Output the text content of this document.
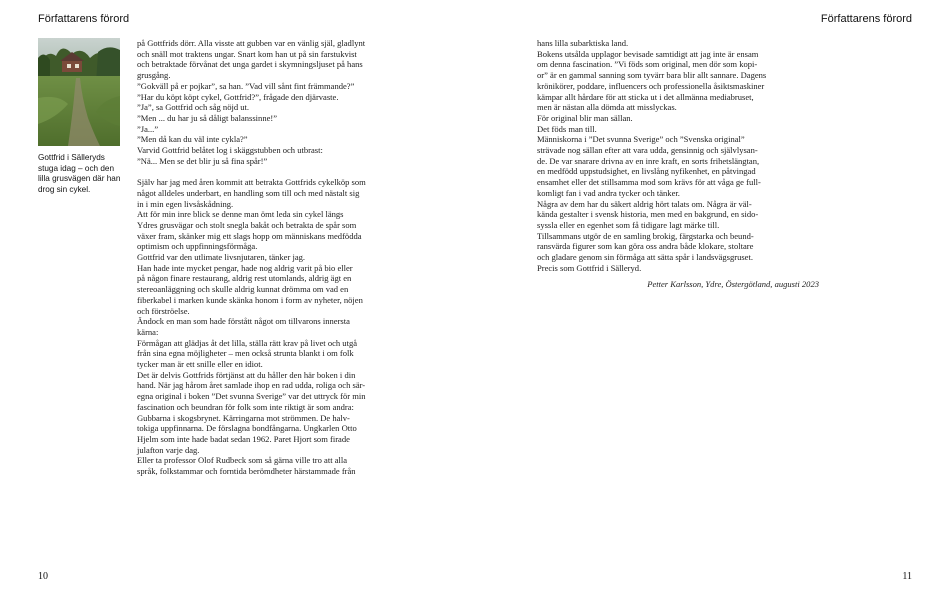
Författarens förord	Författarens förord
Gottfrid i Sälleryds stuga idag – och den lilla grusvägen där han drog sin cykel.

på Gottfrids dörr. Alla visste att gubben var en vänlig själ, gladlynt

och snäll mot traktens ungar. Snart kom han ut på sin farstukvist

och betraktade förvånat det unga gardet i skymningsljuset på hans

grusgång.

”Gokväll på er pojkar”, sa han. ”Vad vill sånt fint främmande?”

”Har du köpt köpt cykel, Gottfrid?”, frågade den djärvaste.

”Ja”, sa Gottfrid och såg nöjd ut.

”Men ... du har ju så dåligt balanssinne!”

”Ja...”

”Men då kan du väl inte cykla?”

Varvid Gottfrid belåtet log i skäggstubben och utbrast:

”Nä... Men se det blir ju så fina spår!”

Själv har jag med åren kommit att betrakta Gottfrids cykelköp som

något alldeles underbart, en handling som till och med nästalt sig

in i min egen livsåskådning.

Att för min inre blick se denne man ömt leda sin cykel längs

Ydres grusvägar och stolt snegla bakåt och betrakta de spår som

växer fram, skänker mig ett slags hopp om människans medfödda

optimism och uppfinningsförmåga.

Gottfrid var den utlimate livsnjutaren, tänker jag.

Han hade inte mycket pengar, hade nog aldrig varit på bio eller

på någon finare restaurang, aldrig rest utomlands, aldrig ägt en

stereoanläggning och skulle aldrig kunnat drömma om vad en

fiberkabel i marken kunde skänka honom i form av nyheter, nöjen

och förströelse.

Ändock en man som hade förstått något om tillvarons innersta

kärna:

Förmågan att glädjas åt det lilla, ställa rätt krav på livet och utgå

från sina egna möjligheter – men också strunta blankt i om folk

tycker man är ett snille eller en idiot.

Det är delvis Gottfrids förtjänst att du håller den här boken i din

hand. När jag hårom året samlade ihop en rad udda, roliga och sär-

egna original i boken ”Det svunna Sverige” var det uttryck för min

fascination och beundran för folk som inte riktigt är som andra:

Gubbarna i skogsbrynet. Kärringarna mot strömmen. De halv-

tokiga uppfinnarna. De förslagna bondfångarna. Ungkarlen Otto

Hjelm som inte hade badat sedan 1962. Paret Hjort som firade

julafton varje dag.

Eller ta professor Olof Rudbeck som så gärna ville tro att alla

språk, folkstammar och forntida berömdheter härstammade från

hans lilla subarktiska land.

Bokens utsålda upplagor bevisade samtidigt att jag inte är ensam

om denna fascination. ”Vi föds som original, men dör som kopi-

or” är en gammal sanning som tyvärr bara blir allt sannare. Dagens

krönikörer, poddare, influencers och professionella åsiktsmaskiner

kämpar allt hårdare för att sticka ut i det allmänna mediabruset,

men är nästan alla dömda att misslyckas.

För original blir man sällan.

Det föds man till.

Människorna i ”Det svunna Sverige” och ”Svenska original”

strävade nog sällan efter att vara udda, gensinnig och självlysan-

de. De var snarare drivna av en inre kraft, en sorts frihetslängtan,

en medfödd uppstudsighet, en livslång nyfikenhet, en påtvingad

ensamhet eller det stillsamma mod som krävs för att våga ge full-

komligt fan i vad andra tycker och tänker.

Några av dem har du säkert aldrig hört talats om. Några är väl-

kända gestalter i svensk historia, men med en bakgrund, en sido-

syssla eller en egenhet som få tidigare lagt märke till.

Tillsammans utgör de en samling brokig, färgstarka och beund-

ransvärda figurer som kan göra oss andra både klokare, stoltare

och gladare genom sin förmåga att sätta spår i landsvägsgruset.

Precis som Gottfrid i Sälleryd.

Petter Karlsson, Ydre, Östergötland, augusti 2023

10	11
